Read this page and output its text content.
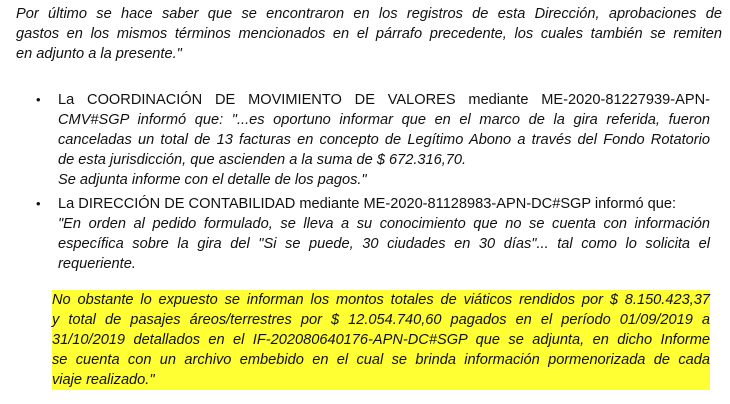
Por último se hace saber que se encontraron en los registros de esta Dirección, aprobaciones de
gastos en los mismos términos mencionados en el párrafo precedente, los cuales también se remiten
en adjunto a la presente."
• La COORDINACIÓN DE MOVIMIENTO DE VALORES mediante ME-2020-81227939-APN-
CMV#SGP informó que: "...es oportuno informar que en el marco de la gira referida, fueron
canceladas un total de 13 facturas en concepto de Legítimo Abono a través del Fondo Rotatorio
de esta jurisdicción, que ascienden a la suma de $ 672.316,70.
Se adjunta informe con el detalle de los pagos."
• La DIRECCIÓN DE CONTABILIDAD mediante ME-2020-81128983-APN-DC#SGP informó que:
"En orden al pedido formulado, se lleva a su conocimiento que no se cuenta con información
específica sobre la gira del "Si se puede, 30 ciudades en 30 días"... tal como lo solicita el
requeriente.
No obstante lo expuesto se informan los montos totales de viáticos rendidos por $ 8.150.423,37
y total de pasajes áreos/terrestres por $ 12.054.740,60 pagados en el período 01/09/2019 a
31/10/2019 detallados en el IF-202080640176-APN-DC#SGP que se adjunta, en dicho Informe
se cuenta con un archivo embebido en el cual se brinda información pormenorizada de cada
viaje realizado."
